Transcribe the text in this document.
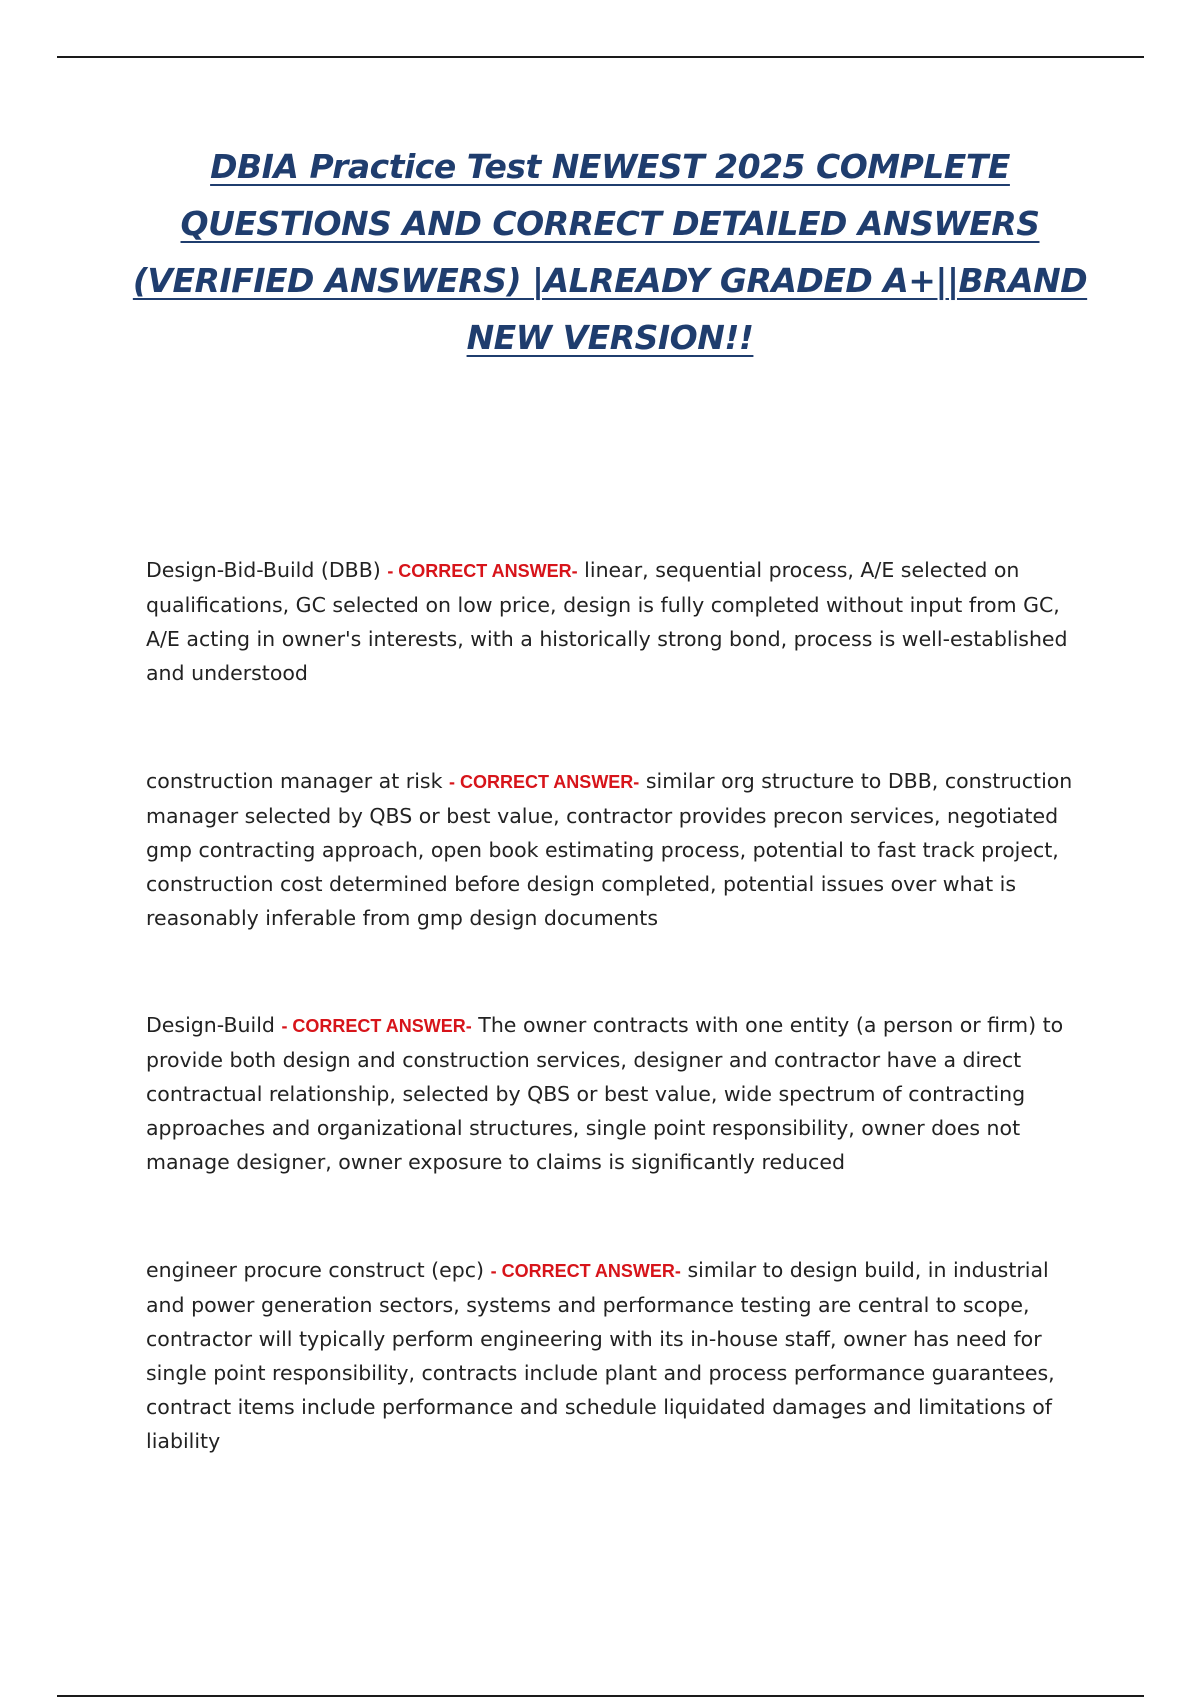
DBIA Practice Test NEWEST 2025 COMPLETE QUESTIONS AND CORRECT DETAILED ANSWERS (VERIFIED ANSWERS) |ALREADY GRADED A+||BRAND NEW VERSION!!
Design-Bid-Build (DBB) - CORRECT ANSWER- linear, sequential process, A/E selected on qualifications, GC selected on low price, design is fully completed without input from GC, A/E acting in owner's interests, with a historically strong bond, process is well-established and understood
construction manager at risk - CORRECT ANSWER- similar org structure to DBB, construction manager selected by QBS or best value, contractor provides precon services, negotiated gmp contracting approach, open book estimating process, potential to fast track project, construction cost determined before design completed, potential issues over what is reasonably inferable from gmp design documents
Design-Build - CORRECT ANSWER- The owner contracts with one entity (a person or firm) to provide both design and construction services, designer and contractor have a direct contractual relationship, selected by QBS or best value, wide spectrum of contracting approaches and organizational structures, single point responsibility, owner does not manage designer, owner exposure to claims is significantly reduced
engineer procure construct (epc) - CORRECT ANSWER- similar to design build, in industrial and power generation sectors, systems and performance testing are central to scope, contractor will typically perform engineering with its in-house staff, owner has need for single point responsibility, contracts include plant and process performance guarantees, contract items include performance and schedule liquidated damages and limitations of liability
